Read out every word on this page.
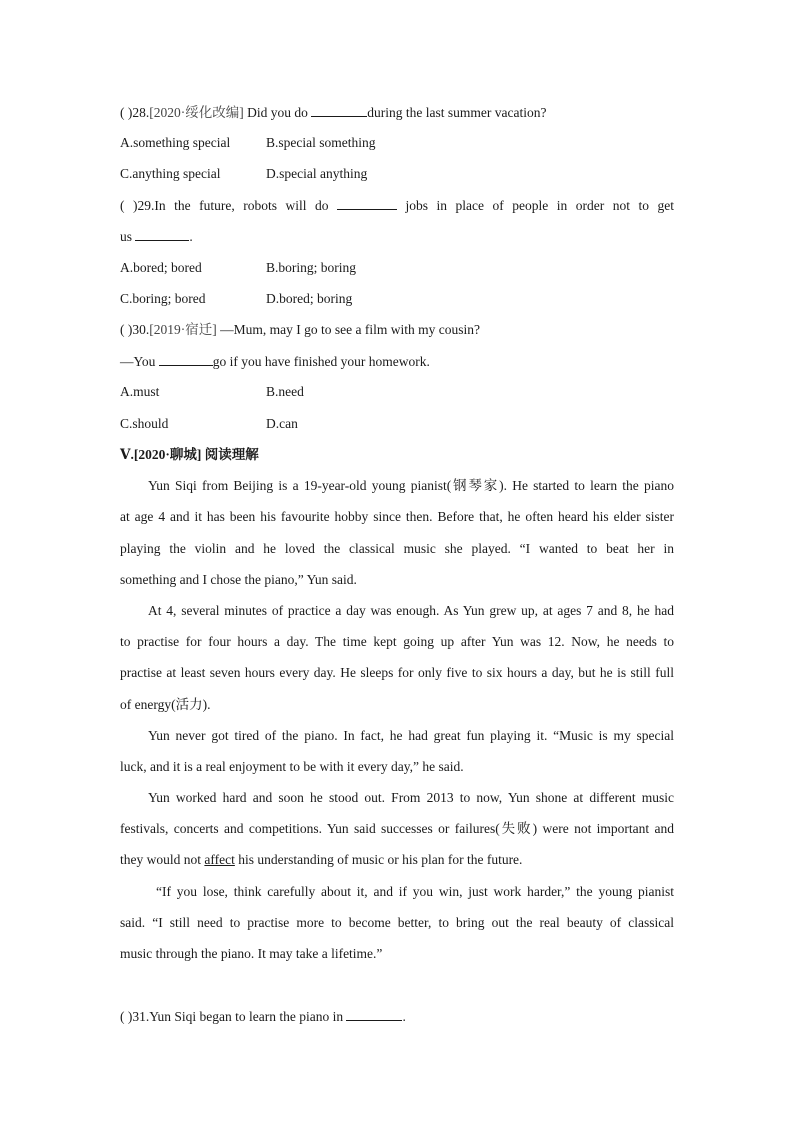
( )28.[2020·绥化改编] Did you do	during the last summer vacation?
A.something special	B.special something
C.anything special	D.special anything
( )29.In the future, robots will do	jobs in place of people in order not to get
us	.
A.bored; bored	B.boring; boring
C.boring; bored	D.bored; boring
( )30.[2019·宿迁] —Mum, may I go to see a film with my cousin?
—You	go if you have finished your homework.
A.must	B.need
C.should	D.can
Ⅴ.[2020·聊城] 阅读理解
Yun Siqi from Beijing is a 19-year-old young pianist(钢琴家). He started to learn the piano
at age 4 and it has been his favourite hobby since then. Before that, he often heard his elder sister
playing the violin and he loved the classical music she played. “I wanted to beat her in
something and I chose the piano,” Yun said.
At 4, several minutes of practice a day was enough. As Yun grew up, at ages 7 and 8, he had
to practise for four hours a day. The time kept going up after Yun was 12. Now, he needs to
practise at least seven hours every day. He sleeps for only five to six hours a day, but he is still full
of energy(活力).
Yun never got tired of the piano. In fact, he had great fun playing it. “Music is my special
luck, and it is a real enjoyment to be with it every day,” he said.
Yun worked hard and soon he stood out. From 2013 to now, Yun shone at different music
festivals, concerts and competitions. Yun said successes or failures(失败) were not important and
they would not affect his understanding of music or his plan for the future.
“If you lose, think carefully about it, and if you win, just work harder,” the young pianist
said. “I still need to practise more to become better, to bring out the real beauty of classical
music through the piano. It may take a lifetime.”
( )31.Yun Siqi began to learn the piano in	.
